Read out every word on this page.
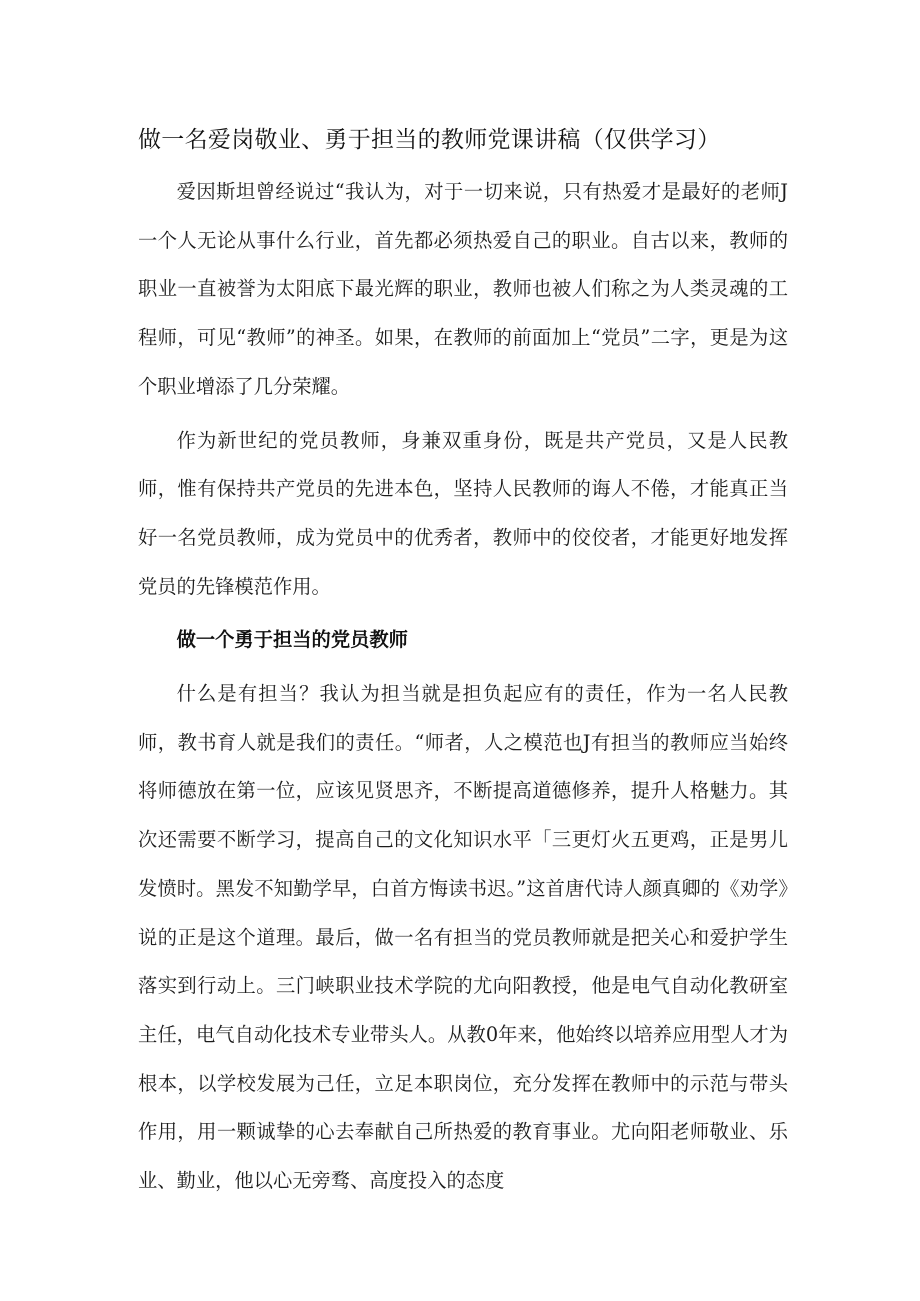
做一名爱岗敬业、勇于担当的教师党课讲稿（仅供学习）

爱因斯坦曾经说过“我认为，对于一切来说，只有热爱才是最好的老师J一个人无论从事什么行业，首先都必须热爱自己的职业。自古以来，教师的职业一直被誉为太阳底下最光辉的职业，教师也被人们称之为人类灵魂的工程师，可见“教师”的神圣。如果，在教师的前面加上“党员”二字，更是为这个职业增添了几分荣耀。

作为新世纪的党员教师，身兼双重身份，既是共产党员，又是人民教师，惟有保持共产党员的先进本色，坚持人民教师的诲人不倦，才能真正当好一名党员教师，成为党员中的优秀者，教师中的佼佼者，才能更好地发挥党员的先锋模范作用。

做一个勇于担当的党员教师

什么是有担当？我认为担当就是担负起应有的责任，作为一名人民教师，教书育人就是我们的责任。“师者，人之模范也J有担当的教师应当始终将师德放在第一位，应该见贤思齐，不断提高道德修养，提升人格魅力。其次还需要不断学习，提高自己的文化知识水平「三更灯火五更鸡，正是男儿发愤时。黑发不知勤学早，白首方悔读书迟。”这首唐代诗人颜真卿的《劝学》说的正是这个道理。最后，做一名有担当的党员教师就是把关心和爱护学生落实到行动上。三门峡职业技术学院的尤向阳教授，他是电气自动化教研室主任，电气自动化技术专业带头人。从教0年来，他始终以培养应用型人才为根本，以学校发展为己任，立足本职岗位，充分发挥在教师中的示范与带头作用，用一颗诚挚的心去奉献自己所热爱的教育事业。尤向阳老师敬业、乐业、勤业，他以心无旁骛、高度投入的态度
